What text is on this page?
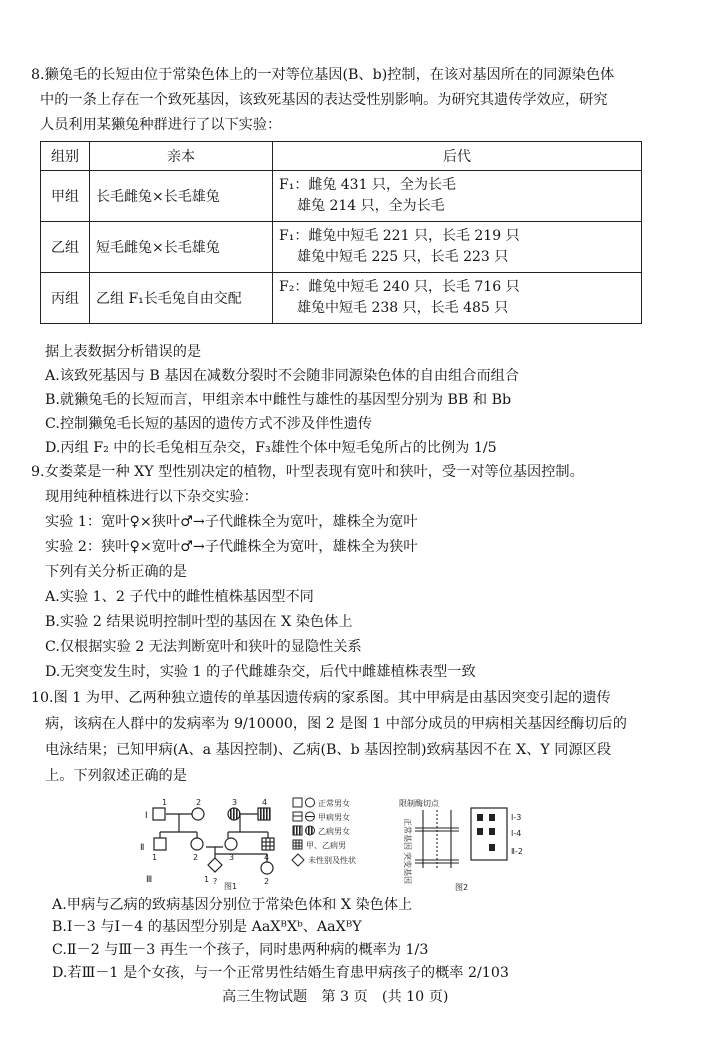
8.獭兔毛的长短由位于常染色体上的一对等位基因(B、b)控制，在该对基因所在的同源染色体
中的一条上存在一个致死基因，该致死基因的表达受性别影响。为研究其遗传学效应，研究
人员利用某獭兔种群进行了以下实验：
组别	亲本	后代
甲组	长毛雌兔×长毛雄兔	F₁：雌兔 431 只，全为长毛
雄兔 214 只，全为长毛

乙组	短毛雌兔×长毛雄兔	F₁：雌兔中短毛 221 只，长毛 219 只
雄兔中短毛 225 只，长毛 223 只

丙组	乙组 F₁长毛兔自由交配	F₂：雌兔中短毛 240 只，长毛 716 只
雄兔中短毛 238 只，长毛 485 只
据上表数据分析错误的是
A.该致死基因与 B 基因在减数分裂时不会随非同源染色体的自由组合而组合
B.就獭兔毛的长短而言，甲组亲本中雌性与雄性的基因型分别为 BB 和 Bb
C.控制獭兔毛长短的基因的遗传方式不涉及伴性遗传
D.丙组 F₂ 中的长毛兔相互杂交，F₃雄性个体中短毛兔所占的比例为 1/5
9.女娄菜是一种 XY 型性别决定的植物，叶型表现有宽叶和狭叶，受一对等位基因控制。
现用纯种植株进行以下杂交实验：
实验 1：宽叶♀×狭叶♂→子代雌株全为宽叶，雄株全为宽叶
实验 2：狭叶♀×宽叶♂→子代雌株全为宽叶，雄株全为狭叶
下列有关分析正确的是
A.实验 1、2 子代中的雌性植株基因型不同
B.实验 2 结果说明控制叶型的基因在 X 染色体上
C.仅根据实验 2 无法判断宽叶和狭叶的显隐性关系
D.无突变发生时，实验 1 的子代雌雄杂交，后代中雌雄植株表型一致
10.图 1 为甲、乙两种独立遗传的单基因遗传病的家系图。其中甲病是由基因突变引起的遗传
病，该病在人群中的发病率为 9/10000，图 2 是图 1 中部分成员的甲病相关基因经酶切后的
电泳结果；已知甲病(A、a 基因控制)、乙病(B、b 基因控制)致病基因不在 X、Y 同源区段
上。下列叙述正确的是
Ⅰ
Ⅱ
Ⅲ
1	2	3	4
1	2	3	4
1	2
?
图1
正常男女
甲病男女
乙病男女
甲、乙病男
未性别及性状
限制酶切点
正常基因
突变基因
Ⅰ-3
Ⅰ-4
Ⅱ-2
图2
A.甲病与乙病的致病基因分别位于常染色体和 X 染色体上
B.Ⅰ－3 与Ⅰ－4 的基因型分别是 AaXᴮXᵇ、AaXᴮY
C.Ⅱ－2 与Ⅲ－3 再生一个孩子，同时患两种病的概率为 1/3
D.若Ⅲ－1 是个女孩，与一个正常男性结婚生育患甲病孩子的概率 2/103
高三生物试题　第 3 页　(共 10 页)
